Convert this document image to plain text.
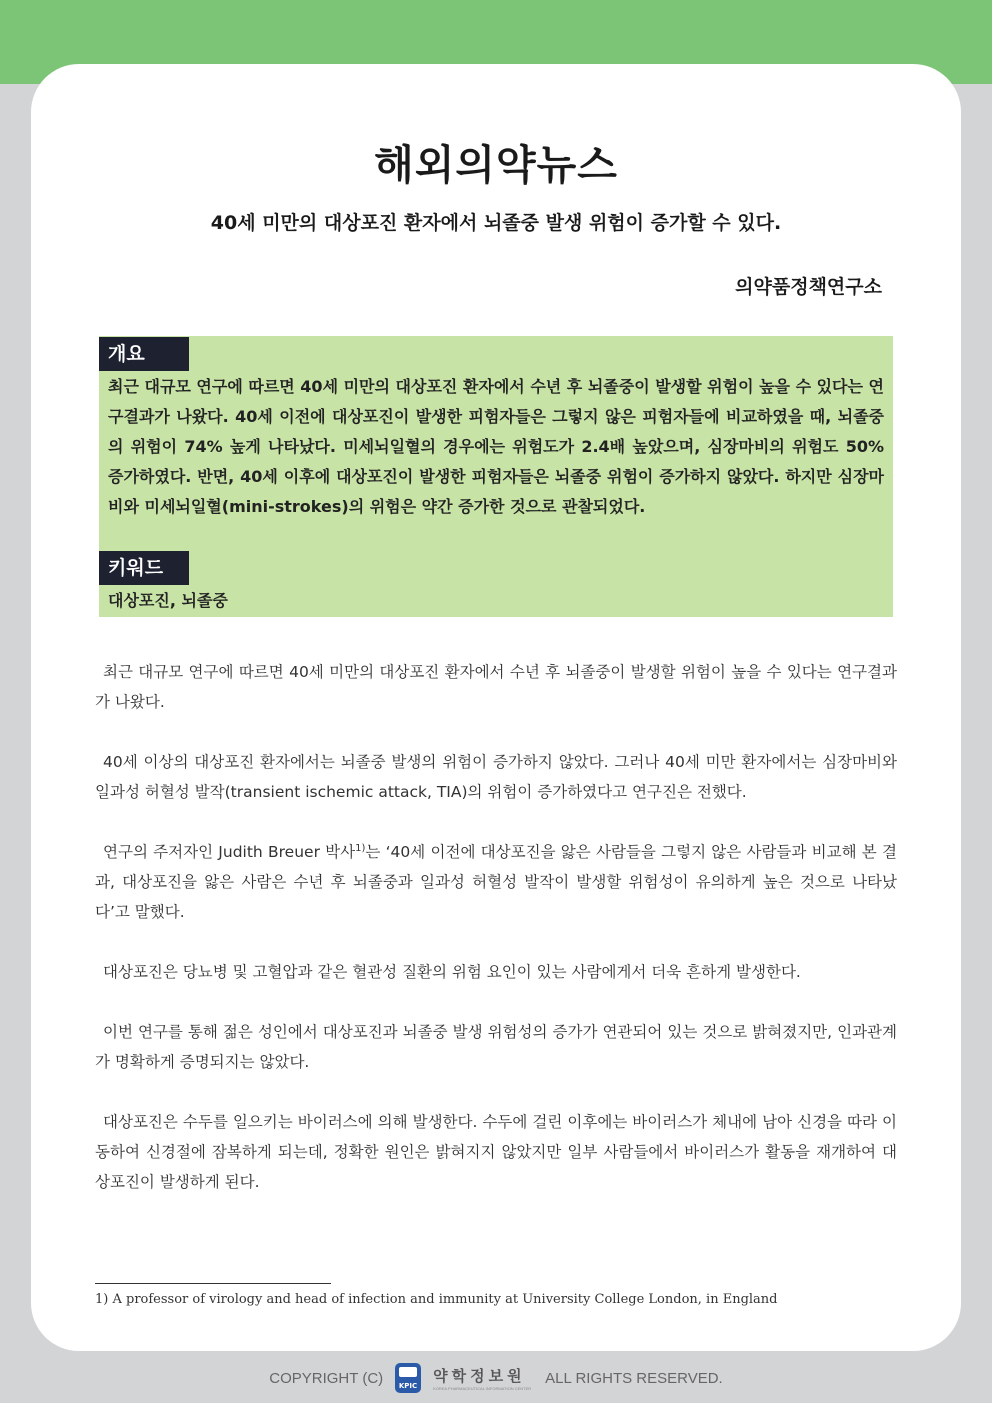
해외의약뉴스
40세 미만의 대상포진 환자에서 뇌졸중 발생 위험이 증가할 수 있다.
의약품정책연구소
개요

최근 대규모 연구에 따르면 40세 미만의 대상포진 환자에서 수년 후 뇌졸중이 발생할 위험이 높을 수 있다는 연구결과가 나왔다. 40세 이전에 대상포진이 발생한 피험자들은 그렇지 않은 피험자들에 비교하였을 때, 뇌졸중의 위험이 74% 높게 나타났다. 미세뇌일혈의 경우에는 위험도가 2.4배 높았으며, 심장마비의 위험도 50% 증가하였다. 반면, 40세 이후에 대상포진이 발생한 피험자들은 뇌졸중 위험이 증가하지 않았다. 하지만 심장마비와 미세뇌일혈(mini-strokes)의 위험은 약간 증가한 것으로 관찰되었다.

키워드
대상포진, 뇌졸중

최근 대규모 연구에 따르면 40세 미만의 대상포진 환자에서 수년 후 뇌졸중이 발생할 위험이 높을 수 있다는 연구결과가 나왔다.

40세 이상의 대상포진 환자에서는 뇌졸중 발생의 위험이 증가하지 않았다. 그러나 40세 미만 환자에서는 심장마비와 일과성 허혈성 발작(transient ischemic attack, TIA)의 위험이 증가하였다고 연구진은 전했다.

연구의 주저자인 Judith Breuer 박사$^{1)}$는 ‘40세 이전에 대상포진을 앓은 사람들을 그렇지 않은 사람들과 비교해 본 결과, 대상포진을 앓은 사람은 수년 후 뇌졸중과 일과성 허혈성 발작이 발생할 위험성이 유의하게 높은 것으로 나타났다’고 말했다.

대상포진은 당뇨병 및 고혈압과 같은 혈관성 질환의 위험 요인이 있는 사람에게서 더욱 흔하게 발생한다.

이번 연구를 통해 젊은 성인에서 대상포진과 뇌졸중 발생 위험성의 증가가 연관되어 있는 것으로 밝혀졌지만, 인과관계가 명확하게 증명되지는 않았다.

대상포진은 수두를 일으키는 바이러스에 의해 발생한다. 수두에 걸린 이후에는 바이러스가 체내에 남아 신경을 따라 이동하여 신경절에 잠복하게 되는데, 정확한 원인은 밝혀지지 않았지만 일부 사람들에서 바이러스가 활동을 재개하여 대상포진이 발생하게 된다.

1) A professor of virology and head of infection and immunity at University College London, in England
COPYRIGHT (C) KPIC
약학정보원
KOREA PHARMACEUTICAL INFORMATION CENTER
ALL RIGHTS RESERVED.
